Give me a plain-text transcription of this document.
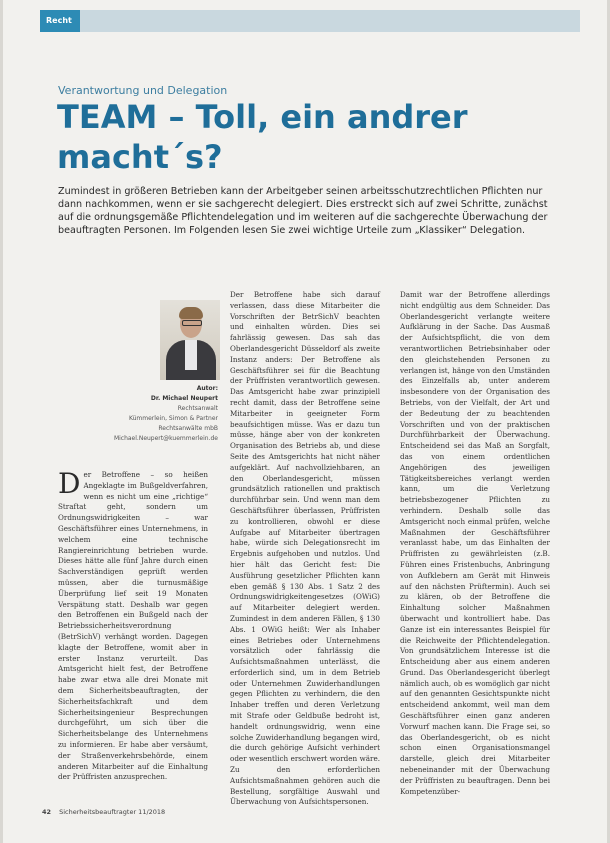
Recht
Verantwortung und Delegation
TEAM – Toll, ein andrer macht´s?

Zumindest in größeren Betrieben kann der Arbeitgeber seinen arbeitsschutzrechtlichen Pflichten nur dann nachkommen, wenn er sie sachgerecht delegiert. Dies erstreckt sich auf zwei Schritte, zunächst auf die ordnungsgemäße Pflichtendelegation und im weiteren auf die sachgerechte Überwachung der beauftragten Personen. Im Folgenden lesen Sie zwei wichtige Urteile zum „Klassiker“ Delegation.

Autor:
Dr. Michael Neupert
Rechtsanwalt
Kümmerlein, Simon & Partner
Rechtsanwälte mbB
Michael.Neupert@kuemmerlein.de
D er Betroffene – so heißen Angeklagte im Bußgeldverfahren, wenn es nicht um eine „richtige“ Straftat geht, sondern um Ordnungswidrigkeiten – war Geschäftsführer eines Unternehmens, in welchem eine technische Rangiereinrichtung betrieben wurde. Dieses hätte alle fünf Jahre durch einen Sachverständigen geprüft werden müssen, aber die turnusmäßige Überprüfung lief seit 19 Monaten Verspätung statt. Deshalb war gegen den Betroffenen ein Bußgeld nach der Betriebssicherheitsverordnung (BetrSichV) verhängt worden. Dagegen klagte der Betroffene, womit aber in erster Instanz verurteilt. Das Amtsgericht hielt fest, der Betroffene habe zwar etwa alle drei Monate mit dem Sicherheitsbeauftragten, der Sicherheitsfachkraft und dem Sicherheitsingenieur Besprechungen durchgeführt, um sich über die Sicherheitsbelange des Unternehmens zu informieren. Er habe aber versäumt, der Straßenverkehrsbehörde, einem anderen Mitarbeiter auf die Einhaltung der Prüffristen anzusprechen.

Der Betroffene habe sich darauf verlassen, dass diese Mitarbeiter die Vorschriften der BetrSichV beachten und einhalten würden. Dies sei fahrlässig gewesen. Das sah das Oberlandesgericht Düsseldorf als zweite Instanz anders: Der Betroffene als Geschäftsführer sei für die Beachtung der Prüffristen verantwortlich gewesen. Das Amtsgericht habe zwar prinzipiell recht damit, dass der Betroffene seine Mitarbeiter in geeigneter Form beaufsichtigen müsse. Was er dazu tun müsse, hänge aber von der konkreten Organisation des Betriebs ab, und diese Seite des Amtsgerichts hat nicht näher aufgeklärt. Auf nachvollziehbaren, an den Oberlandesgericht, müssen grundsätzlich rationellen und praktisch durchführbar sein. Und wenn man dem Geschäftsführer überlassen, Prüffristen zu kontrollieren, obwohl er diese Aufgabe auf Mitarbeiter übertragen habe, würde sich Delegationsrecht im Ergebnis aufgehoben und nutzlos. Und hier hält das Gericht fest: Die Ausführung gesetzlicher Pflichten kann eben gemäß § 130 Abs. 1 Satz 2 des Ordnungswidrigkeitengesetzes (OWiG) auf Mitarbeiter delegiert werden. Zumindest in dem anderen Fällen, § 130 Abs. 1 OWiG heißt: Wer als Inhaber eines Betriebes oder Unternehmens vorsätzlich oder fahrlässig die Aufsichtsmaßnahmen unterlässt, die erforderlich sind, um in dem Betrieb oder Unternehmen Zuwiderhandlungen gegen Pflichten zu verhindern, die den Inhaber treffen und deren Verletzung mit Strafe oder Geldbuße bedroht ist, handelt ordnungswidrig, wenn eine solche Zuwiderhandlung begangen wird, die durch gehörige Aufsicht verhindert oder wesentlich erschwert worden wäre. Zu den erforderlichen Aufsichtsmaßnahmen gehören auch die Bestellung, sorgfältige Auswahl und Überwachung von Aufsichtspersonen.

Damit war der Betroffene allerdings nicht endgültig aus dem Schneider. Das Oberlandesgericht verlangte weitere Aufklärung in der Sache. Das Ausmaß der Aufsichtspflicht, die von dem verantwortlichen Betriebsinhaber oder den gleichstehenden Personen zu verlangen ist, hänge von den Umständen des Einzelfalls ab, unter anderem insbesondere von der Organisation des Betriebs, von der Vielfalt, der Art und der Bedeutung der zu beachtenden Vorschriften und von der praktischen Durchführbarkeit der Überwachung. Entscheidend sei das Maß an Sorgfalt, das von einem ordentlichen Angehörigen des jeweiligen Tätigkeitsbereiches verlangt werden kann, um die Verletzung betriebsbezogener Pflichten zu verhindern. Deshalb solle das Amtsgericht noch einmal prüfen, welche Maßnahmen der Geschäftsführer veranlasst habe, um das Einhalten der Prüffristen zu gewährleisten (z.B. Führen eines Fristenbuchs, Anbringung von Aufklebern am Gerät mit Hinweis auf den nächsten Prüftermin). Auch sei zu klären, ob der Betroffene die Einhaltung solcher Maßnahmen überwacht und kontrolliert habe. Das Ganze ist ein interessantes Beispiel für die Reichweite der Pflichtendelegation. Von grundsätzlichem Interesse ist die Entscheidung aber aus einem anderen Grund. Das Oberlandesgericht überlegt nämlich auch, ob es womöglich gar nicht auf den genannten Gesichtspunkte nicht entscheidend ankommt, weil man dem Geschäftsführer einen ganz anderen Vorwurf machen kann. Die Frage sei, so das Oberlandesgericht, ob es nicht schon einen Organisationsmangel darstelle, gleich drei Mitarbeiter nebeneinander mit der Überwachung der Prüffristen zu beauftragen. Denn bei Kompetenzüber-

42 Sicherheitsbeauftragter 11/2018
